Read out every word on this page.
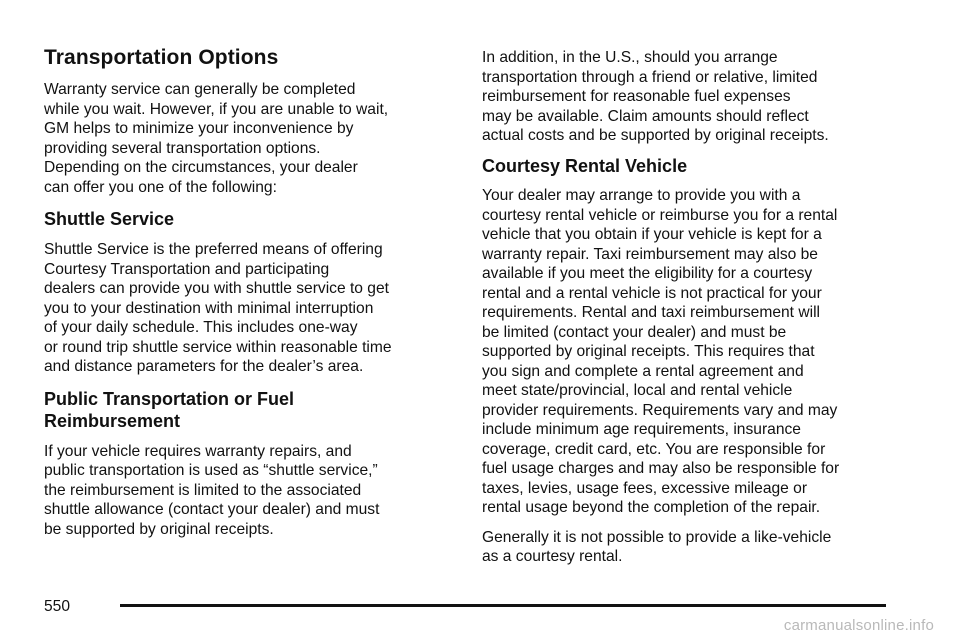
Transportation Options

Warranty service can generally be completed
while you wait. However, if you are unable to wait,
GM helps to minimize your inconvenience by
providing several transportation options.
Depending on the circumstances, your dealer
can offer you one of the following:

Shuttle Service

Shuttle Service is the preferred means of offering
Courtesy Transportation and participating
dealers can provide you with shuttle service to get
you to your destination with minimal interruption
of your daily schedule. This includes one-way
or round trip shuttle service within reasonable time
and distance parameters for the dealer’s area.

Public Transportation or Fuel
Reimbursement

If your vehicle requires warranty repairs, and
public transportation is used as “shuttle service,”
the reimbursement is limited to the associated
shuttle allowance (contact your dealer) and must
be supported by original receipts.

In addition, in the U.S., should you arrange
transportation through a friend or relative, limited
reimbursement for reasonable fuel expenses
may be available. Claim amounts should reflect
actual costs and be supported by original receipts.

Courtesy Rental Vehicle

Your dealer may arrange to provide you with a
courtesy rental vehicle or reimburse you for a rental
vehicle that you obtain if your vehicle is kept for a
warranty repair. Taxi reimbursement may also be
available if you meet the eligibility for a courtesy
rental and a rental vehicle is not practical for your
requirements. Rental and taxi reimbursement will
be limited (contact your dealer) and must be
supported by original receipts. This requires that
you sign and complete a rental agreement and
meet state/provincial, local and rental vehicle
provider requirements. Requirements vary and may
include minimum age requirements, insurance
coverage, credit card, etc. You are responsible for
fuel usage charges and may also be responsible for
taxes, levies, usage fees, excessive mileage or
rental usage beyond the completion of the repair.

Generally it is not possible to provide a like-vehicle
as a courtesy rental.

550
carmanualsonline.info
